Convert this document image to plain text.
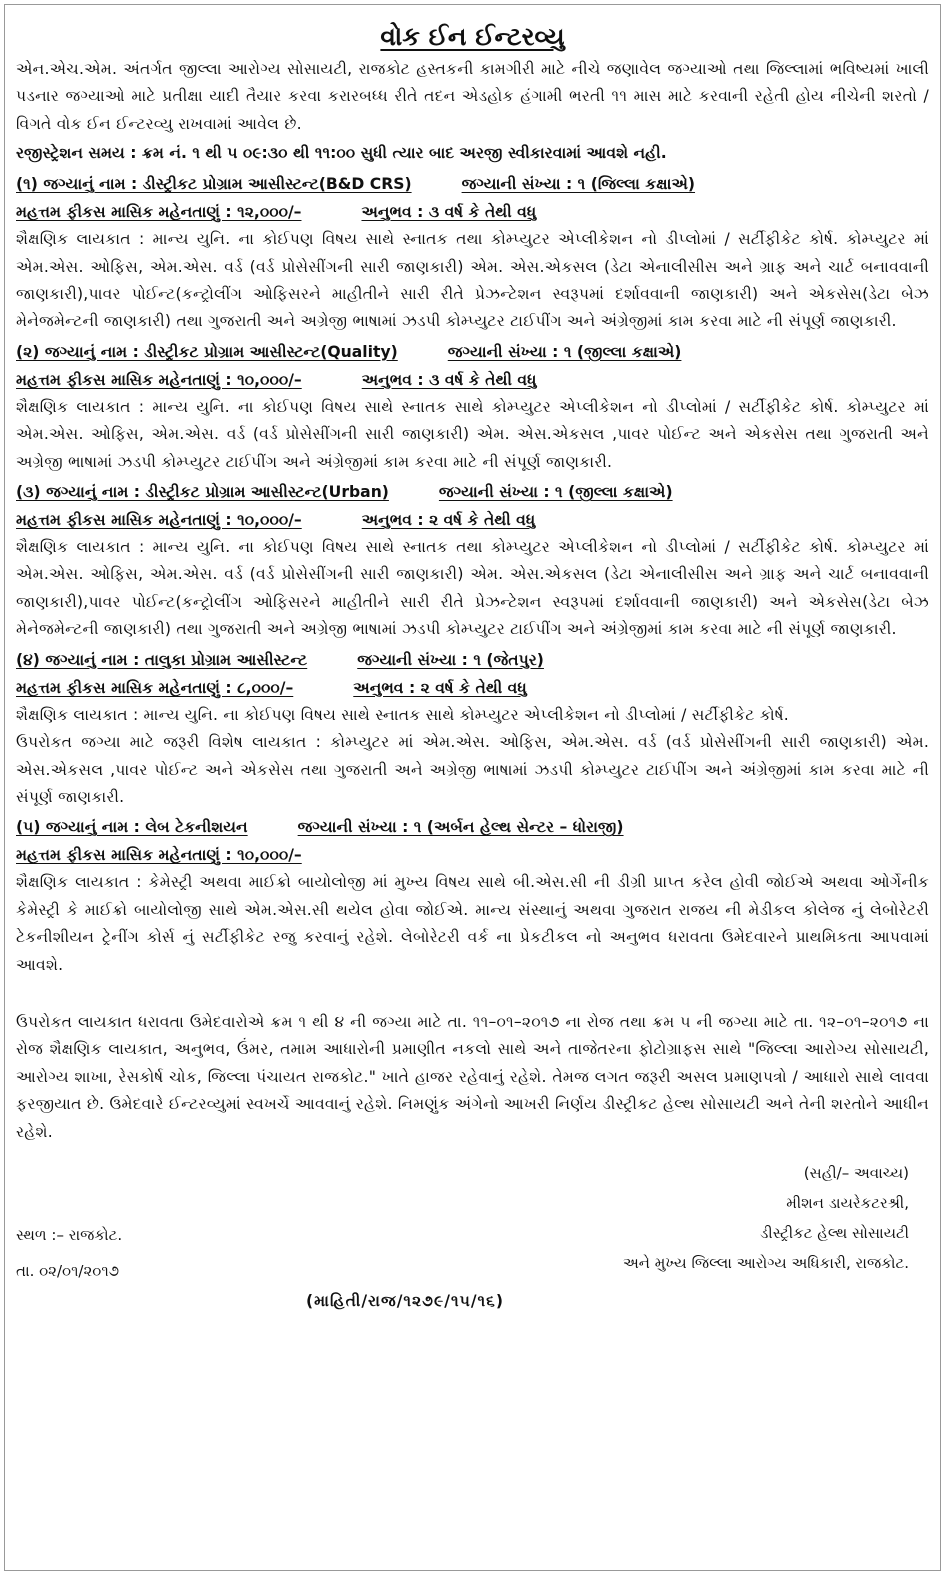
વોક ઈન ઈન્ટરવ્યુ

એન.એચ.એમ. અંતર્ગત જીલ્લા આરોગ્ય સોસાયટી, રાજકોટ હસ્તકની કામગીરી માટે નીચે જણાવેલ જગ્યાઓ તથા જિલ્લામાં ભવિષ્યમાં ખાલી પડનાર જગ્યાઓ માટે પ્રતીક્ષા યાદી તૈયાર કરવા કરારબધ્ધ રીતે તદન એડહોક હંગામી ભરતી ૧૧ માસ માટે કરવાની રહેતી હોય નીચેની શરતો / વિગતે વોક ઈન ઈન્ટરવ્યુ રાખવામાં આવેલ છે.

રજીસ્ટ્રેશન સમય : ક્રમ નં. ૧ થી ૫ ૦૯:૩૦ થી ૧૧:૦૦ સુધી ત્યાર બાદ અરજી સ્વીકારવામાં આવશે નહી.

(૧) જગ્યાનું નામ : ડીસ્ટ્રીકટ પ્રોગ્રામ આસીસ્ટન્ટ(B&D CRS)	જગ્યાની સંખ્યા : ૧ (જિલ્લા કક્ષાએ)
મહત્તમ ફીકસ માસિક મહેનતાણું : ૧૨,૦૦૦/–	અનુભવ : ૩ વર્ષ કે તેથી વધુ

શૈક્ષણિક લાયકાત : માન્ય યુનિ. ના કોઈપણ વિષય સાથે સ્નાતક તથા કોમ્પ્યુટર એપ્લીકેશન નો ડીપ્લોમાં / સર્ટીફીકેટ કોર્ષ. કોમ્પ્યુટર માં એમ.એસ. ઓફિસ, એમ.એસ. વર્ડ (વર્ડ પ્રોસેસીંગની સારી જાણકારી) એમ. એસ.એકસલ (ડેટા એનાલીસીસ અને ગ્રાફ અને ચાર્ટ બનાવવાની જાણકારી),પાવર પોઈન્ટ(કન્ટ્રોલીંગ ઓફિસરને માહીતીને સારી રીતે પ્રેઝન્ટેશન સ્વરૂપમાં દર્શાવવાની જાણકારી) અને એકસેસ(ડેટા બેઝ મેનેજમેન્ટની જાણકારી) તથા ગુજરાતી અને અગ્રેજી ભાષામાં ઝડપી કોમ્પ્યુટર ટાઈપીંગ અને અંગ્રેજીમાં કામ કરવા માટે ની સંપૂર્ણ જાણકારી.

(૨) જગ્યાનું નામ : ડીસ્ટ્રીકટ પ્રોગ્રામ આસીસ્ટન્ટ(Quality)	જગ્યાની સંખ્યા : ૧ (જીલ્લા કક્ષાએ)
મહત્તમ ફીકસ માસિક મહેનતાણું : ૧૦,૦૦૦/–	અનુભવ : ૩ વર્ષ કે તેથી વધુ

શૈક્ષણિક લાયકાત : માન્ય યુનિ. ના કોઈપણ વિષય સાથે સ્નાતક સાથે કોમ્પ્યુટર એપ્લીકેશન નો ડીપ્લોમાં / સર્ટીફીકેટ કોર્ષ. કોમ્પ્યુટર માં એમ.એસ. ઓફિસ, એમ.એસ. વર્ડ (વર્ડ પ્રોસેસીંગની સારી જાણકારી) એમ. એસ.એકસલ ,પાવર પોઈન્ટ અને એકસેસ તથા ગુજરાતી અને અગ્રેજી ભાષામાં ઝડપી કોમ્પ્યુટર ટાઈપીંગ અને અંગ્રેજીમાં કામ કરવા માટે ની સંપૂર્ણ જાણકારી.

(૩) જગ્યાનું નામ : ડીસ્ટ્રીકટ પ્રોગ્રામ આસીસ્ટન્ટ(Urban)	જગ્યાની સંખ્યા : ૧ (જીલ્લા કક્ષાએ)
મહત્તમ ફીકસ માસિક મહેનતાણું : ૧૦,૦૦૦/–	અનુભવ : ૨ વર્ષ કે તેથી વધુ

શૈક્ષણિક લાયકાત : માન્ય યુનિ. ના કોઈપણ વિષય સાથે સ્નાતક તથા કોમ્પ્યુટર એપ્લીકેશન નો ડીપ્લોમાં / સર્ટીફીકેટ કોર્ષ. કોમ્પ્યુટર માં એમ.એસ. ઓફિસ, એમ.એસ. વર્ડ (વર્ડ પ્રોસેસીંગની સારી જાણકારી) એમ. એસ.એકસલ (ડેટા એનાલીસીસ અને ગ્રાફ અને ચાર્ટ બનાવવાની જાણકારી),પાવર પોઈન્ટ(કન્ટ્રોલીંગ ઓફિસરને માહીતીને સારી રીતે પ્રેઝન્ટેશન સ્વરૂપમાં દર્શાવવાની જાણકારી) અને એકસેસ(ડેટા બેઝ મેનેજમેન્ટની જાણકારી) તથા ગુજરાતી અને અગ્રેજી ભાષામાં ઝડપી કોમ્પ્યુટર ટાઈપીંગ અને અંગ્રેજીમાં કામ કરવા માટે ની સંપૂર્ણ જાણકારી.

(૪) જગ્યાનું નામ : તાલુકા પ્રોગ્રામ આસીસ્ટન્ટ	જગ્યાની સંખ્યા : ૧ (જેતપુર)
મહત્તમ ફીકસ માસિક મહેનતાણું : ૮,૦૦૦/–	અનુભવ : ૨ વર્ષ કે તેથી વધુ

શૈક્ષણિક લાયકાત : માન્ય યુનિ. ના કોઈપણ વિષય સાથે સ્નાતક સાથે કોમ્પ્યુટર એપ્લીકેશન નો ડીપ્લોમાં / સર્ટીફીકેટ કોર્ષ.

ઉપરોકત જગ્યા માટે જરૂરી વિશેષ લાયકાત : કોમ્પ્યુટર માં એમ.એસ. ઓફિસ, એમ.એસ. વર્ડ (વર્ડ પ્રોસેસીંગની સારી જાણકારી) એમ. એસ.એકસલ ,પાવર પોઈન્ટ અને એકસેસ તથા ગુજરાતી અને અગ્રેજી ભાષામાં ઝડપી કોમ્પ્યુટર ટાઈપીંગ અને અંગ્રેજીમાં કામ કરવા માટે ની સંપૂર્ણ જાણકારી.

(૫) જગ્યાનું નામ : લેબ ટેકનીશયન	જગ્યાની સંખ્યા : ૧ (અર્બન હેલ્થ સેન્ટર – ધોરાજી)
મહત્તમ ફીકસ માસિક મહેનતાણું : ૧૦,૦૦૦/–

શૈક્ષણિક લાયકાત : કેમેસ્ટ્રી અથવા માઈક્રો બાયોલોજી માં મુખ્ય વિષય સાથે બી.એસ.સી ની ડીગ્રી પ્રાપ્ત કરેલ હોવી જોઈએ અથવા ઓર્ગેનીક કેમેસ્ટ્રી કે માઈક્રો બાયોલોજી સાથે એમ.એસ.સી થયેલ હોવા જોઈએ. માન્ય સંસ્થાનું અથવા ગુજરાત રાજય ની મેડીકલ કોલેજ નું લેબોરેટરી ટેકનીશીયન ટ્રેનીંગ કોર્સ નું સર્ટીફીકેટ રજુ કરવાનું રહેશે. લેબોરેટરી વર્ક ના પ્રેકટીકલ નો અનુભવ ધરાવતા ઉમેદવારને પ્રાથમિકતા આપવામાં આવશે.

ઉપરોકત લાયકાત ધરાવતા ઉમેદવારોએ ક્રમ ૧ થી ૪ ની જગ્યા માટે તા. ૧૧–૦૧–૨૦૧૭ ના રોજ તથા ક્રમ ૫ ની જગ્યા માટે તા. ૧૨–૦૧–૨૦૧૭ ના રોજ શૈક્ષણિક લાયકાત, અનુભવ, ઉંમર, તમામ આધારોની પ્રમાણીત નકલો સાથે અને તાજેતરના ફોટોગ્રાફસ સાથે "જિલ્લા આરોગ્ય સોસાયટી, આરોગ્ય શાખા, રેસકોર્ષ ચોક, જિલ્લા પંચાયત રાજકોટ." ખાતે હાજર રહેવાનું રહેશે. તેમજ લગત જરૂરી અસલ પ્રમાણપત્રો / આધારો સાથે લાવવા ફરજીયાત છે. ઉમેદવારે ઈન્ટરવ્યુમાં સ્વખર્ચે આવવાનું રહેશે. નિમણુંક અંગેનો આખરી નિર્ણય ડીસ્ટ્રીકટ હેલ્થ સોસાયટી અને તેની શરતોને આધીન રહેશે.

(સહી/– અવાચ્ય)
મીશન ડાયરેકટરશ્રી,
ડીસ્ટ્રીકટ હેલ્થ સોસાયટી
અને મુખ્ય જિલ્લા આરોગ્ય અધિકારી, રાજકોટ.
સ્થળ :– રાજકોટ.
તા. ૦૨/૦૧/૨૦૧૭
(માહિતી/રાજ/૧૨૭૯/૧૫/૧૬)
